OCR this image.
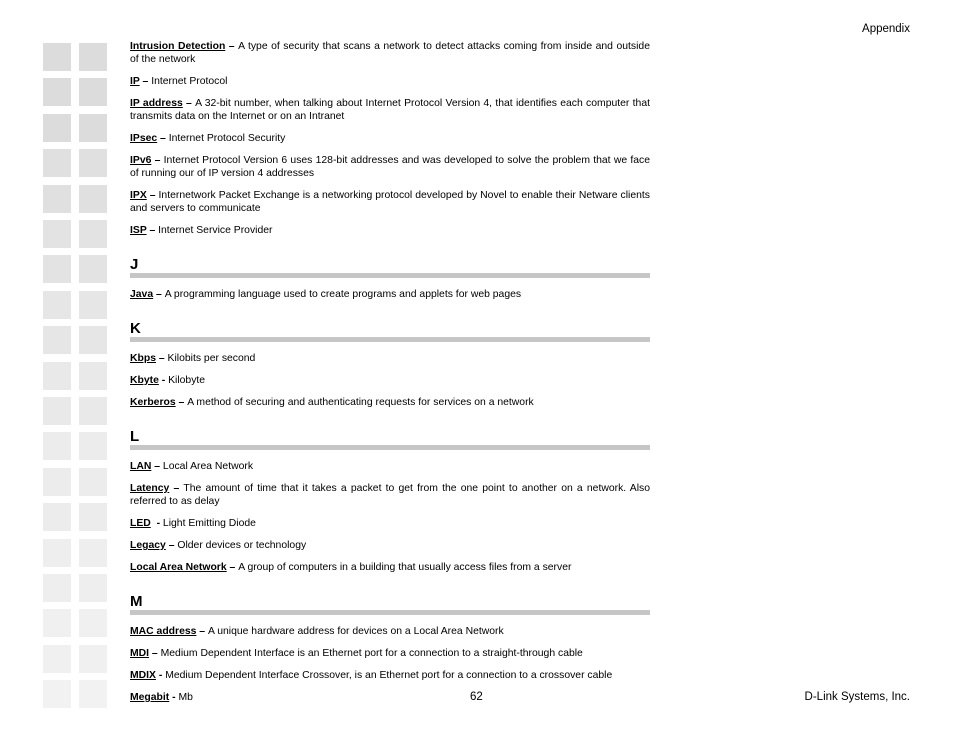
Appendix

Intrusion Detection – A type of security that scans a network to detect attacks coming from inside and outside of the network

IP – Internet Protocol

IP address – A 32-bit number, when talking about Internet Protocol Version 4, that identifies each computer that transmits data on the Internet or on an Intranet

IPsec – Internet Protocol Security

IPv6 – Internet Protocol Version 6 uses 128-bit addresses and was developed to solve the problem that we face of running our of IP version 4 addresses

IPX – Internetwork Packet Exchange is a networking protocol developed by Novel to enable their Netware clients and servers to communicate

ISP – Internet Service Provider

J

Java – A programming language used to create programs and applets for web pages

K

Kbps – Kilobits per second

Kbyte - Kilobyte

Kerberos – A method of securing and authenticating requests for services on a network

L

LAN – Local Area Network

Latency – The amount of time that it takes a packet to get from the one point to another on a network. Also referred to as delay

LED  - Light Emitting Diode

Legacy – Older devices or technology

Local Area Network – A group of computers in a building that usually access files from a server

M

MAC address – A unique hardware address for devices on a Local Area Network

MDI – Medium Dependent Interface is an Ethernet port for a connection to a straight-through cable

MDIX - Medium Dependent Interface Crossover, is an Ethernet port for a connection to a crossover cable

Megabit - Mb	62	D-Link Systems, Inc.
